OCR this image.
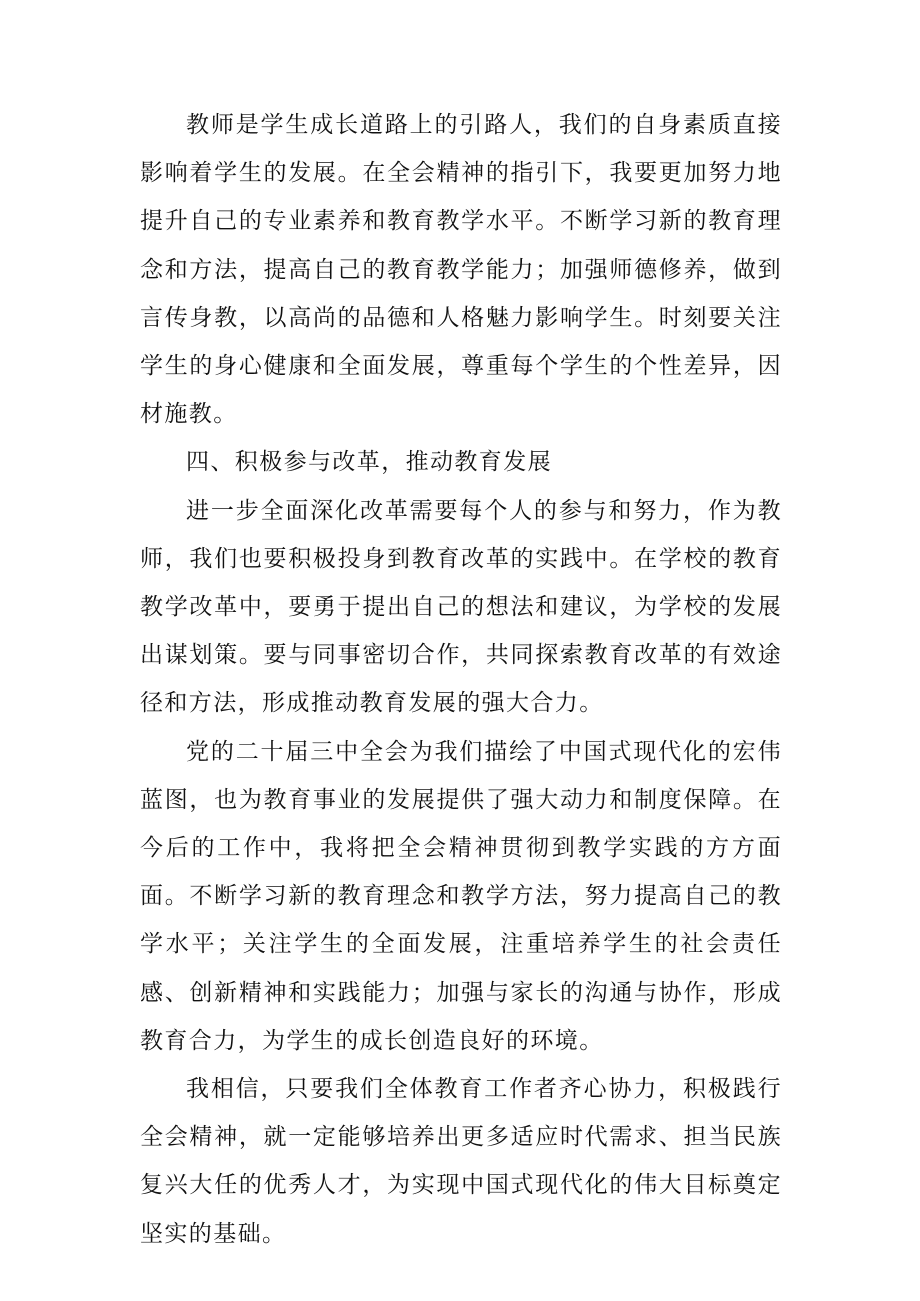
教师是学生成长道路上的引路人，我们的自身素质直接影响着学生的发展。在全会精神的指引下，我要更加努力地提升自己的专业素养和教育教学水平。不断学习新的教育理念和方法，提高自己的教育教学能力；加强师德修养，做到言传身教，以高尚的品德和人格魅力影响学生。时刻要关注学生的身心健康和全面发展，尊重每个学生的个性差异，因材施教。

四、积极参与改革，推动教育发展

进一步全面深化改革需要每个人的参与和努力，作为教师，我们也要积极投身到教育改革的实践中。在学校的教育教学改革中，要勇于提出自己的想法和建议，为学校的发展出谋划策。要与同事密切合作，共同探索教育改革的有效途径和方法，形成推动教育发展的强大合力。

党的二十届三中全会为我们描绘了中国式现代化的宏伟蓝图，也为教育事业的发展提供了强大动力和制度保障。在今后的工作中，我将把全会精神贯彻到教学实践的方方面面。不断学习新的教育理念和教学方法，努力提高自己的教学水平；关注学生的全面发展，注重培养学生的社会责任感、创新精神和实践能力；加强与家长的沟通与协作，形成教育合力，为学生的成长创造良好的环境。

我相信，只要我们全体教育工作者齐心协力，积极践行全会精神，就一定能够培养出更多适应时代需求、担当民族复兴大任的优秀人才，为实现中国式现代化的伟大目标奠定坚实的基础。
